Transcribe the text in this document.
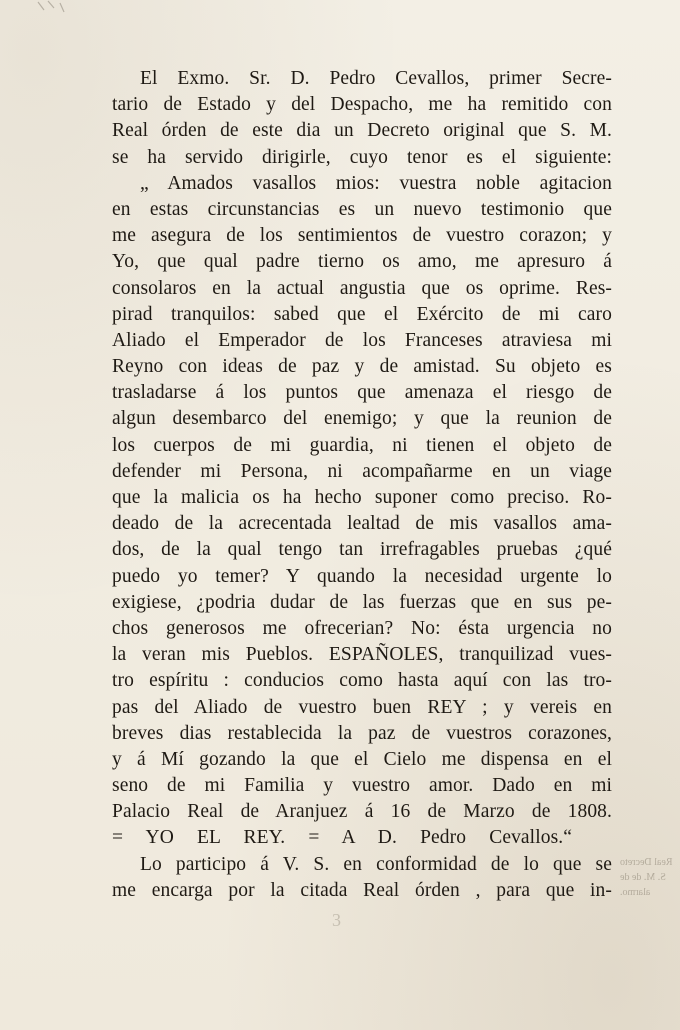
El Exmo. Sr. D. Pedro Cevallos, primer Secre-
tario de Estado y del Despacho, me ha remitido con
Real órden de este dia un Decreto original que S. M.
se ha servido dirigirle, cuyo tenor es el siguiente:
„ Amados vasallos mios: vuestra noble agitacion
en estas circunstancias es un nuevo testimonio que
me asegura de los sentimientos de vuestro corazon; y
Yo, que qual padre tierno os amo, me apresuro á
consolaros en la actual angustia que os oprime. Res-
pirad tranquilos: sabed que el Exército de mi caro
Aliado el Emperador de los Franceses atraviesa mi
Reyno con ideas de paz y de amistad. Su objeto es
trasladarse á los puntos que amenaza el riesgo de
algun desembarco del enemigo; y que la reunion de
los cuerpos de mi guardia, ni tienen el objeto de
defender mi Persona, ni acompañarme en un viage
que la malicia os ha hecho suponer como preciso. Ro-
deado de la acrecentada lealtad de mis vasallos ama-
dos, de la qual tengo tan irrefragables pruebas ¿qué
puedo yo temer? Y quando la necesidad urgente lo
exigiese, ¿podria dudar de las fuerzas que en sus pe-
chos generosos me ofrecerian? No: ésta urgencia no
la veran mis Pueblos. ESPAÑOLES, tranquilizad vues-
tro espíritu : conducios como hasta aquí con las tro-
pas del Aliado de vuestro buen REY ; y vereis en
breves dias restablecida la paz de vuestros corazones,
y á Mí gozando la que el Cielo me dispensa en el
seno de mi Familia y vuestro amor. Dado en mi
Palacio Real de Aranjuez á 16 de Marzo de 1808.
= YO EL REY. = A D. Pedro Cevallos.“
Lo participo á V. S. en conformidad de lo que se
me encarga por la citada Real órden , para que in-
Real Decreto
S. M. de de
alarmo.
3
